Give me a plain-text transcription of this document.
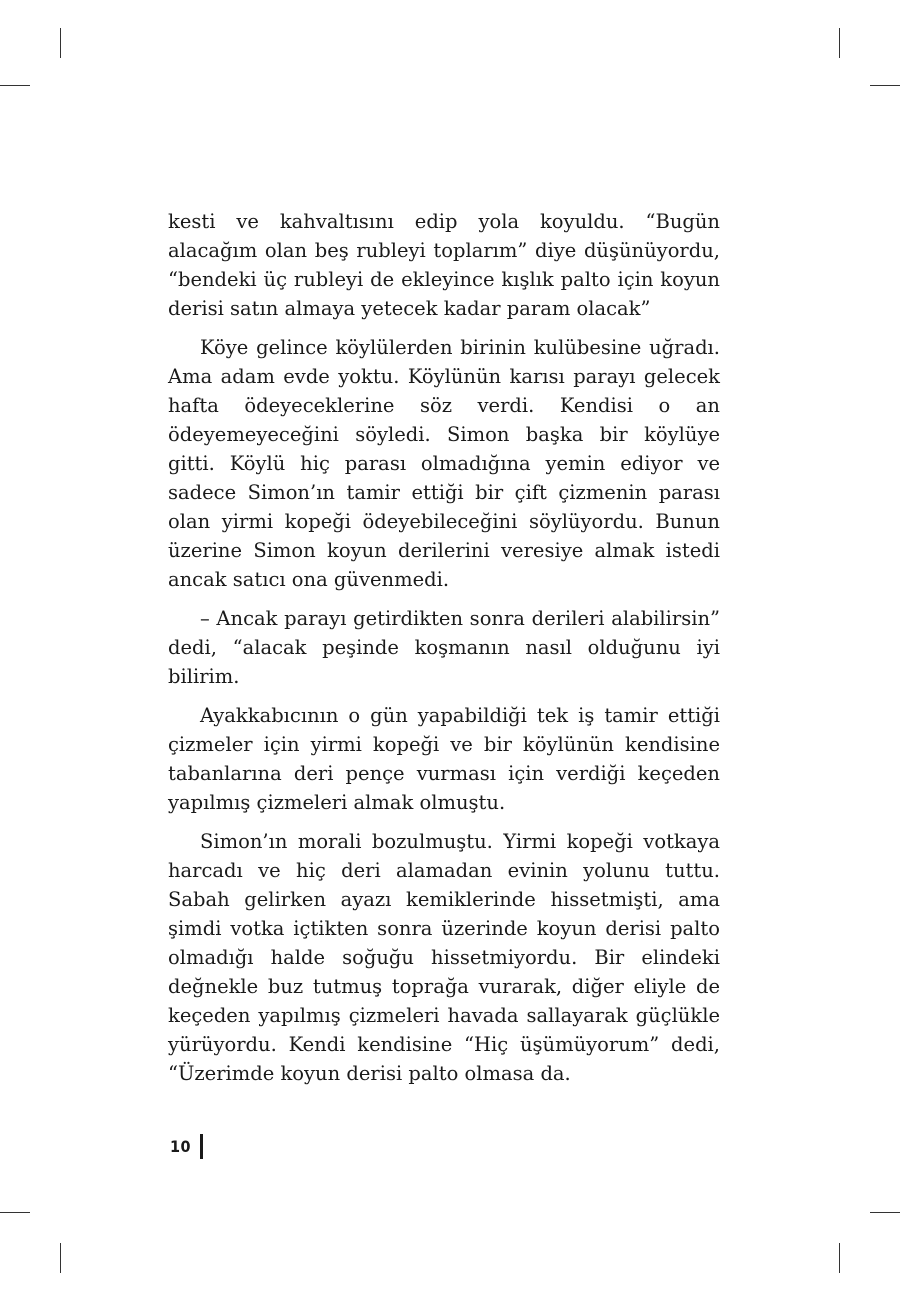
kesti ve kahvaltısını edip yola koyuldu. “Bugün alacağım olan beş rubleyi toplarım” diye düşünüyordu, “bendeki üç rubleyi de ekleyince kışlık palto için koyun derisi satın almaya yetecek kadar param olacak”

Köye gelince köylülerden birinin kulübesine uğradı. Ama adam evde yoktu. Köylünün karısı parayı gelecek hafta ödeyeceklerine söz verdi. Kendisi o an ödeyemeyeceğini söyledi. Simon başka bir köylüye gitti. Köylü hiç parası olmadığına yemin ediyor ve sadece Simon’ın tamir ettiği bir çift çizmenin parası olan yirmi kopeği ödeyebileceğini söylüyordu. Bunun üzerine Simon koyun derilerini veresiye almak istedi ancak satıcı ona güvenmedi.

– Ancak parayı getirdikten sonra derileri alabilirsin” dedi, “alacak peşinde koşmanın nasıl olduğunu iyi bilirim.

Ayakkabıcının o gün yapabildiği tek iş tamir ettiği çizmeler için yirmi kopeği ve bir köylünün kendisine tabanlarına deri pençe vurması için verdiği keçeden yapılmış çizmeleri almak olmuştu.

Simon’ın morali bozulmuştu. Yirmi kopeği votkaya harcadı ve hiç deri alamadan evinin yolunu tuttu. Sabah gelirken ayazı kemiklerinde hissetmişti, ama şimdi votka içtikten sonra üzerinde koyun derisi palto olmadığı halde soğuğu hissetmiyordu. Bir elindeki değnekle buz tutmuş toprağa vurarak, diğer eliyle de keçeden yapılmış çizmeleri havada sallayarak güçlükle yürüyordu. Kendi kendisine “Hiç üşümüyorum” dedi, “Üzerimde koyun derisi palto olmasa da.

10
